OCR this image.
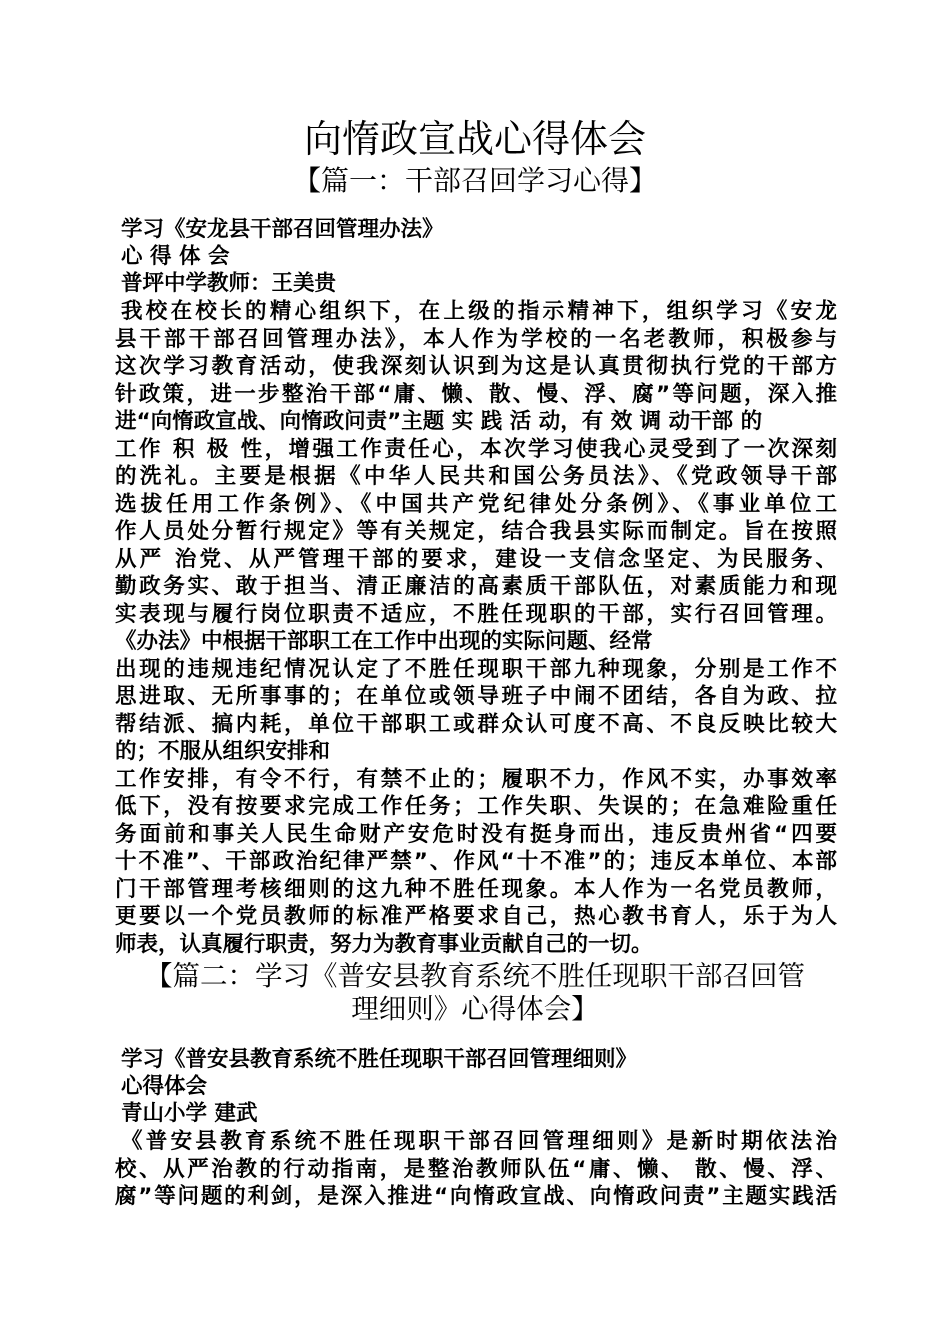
向惰政宣战心得体会
【篇一：干部召回学习心得】
学习《安龙县干部召回管理办法》
心 得 体 会
普坪中学教师：王美贵
我校在校长的精心组织下，在上级的指示精神下，组织学习《安龙
县干部干部召回管理办法》，本人作为学校的一名老教师，积极参与
这次学习教育活动，使我深刻认识到为这是认真贯彻执行党的干部方
针政策，进一步整治干部“庸、懒、散、慢、浮、腐”等问题，深入推
进“向惰政宣战、向惰政问责”主题 实 践 活 动，有 效 调 动干部 的
工作 积 极 性，增强工作责任心，本次学习使我心灵受到了一次深刻
的洗礼。主要是根据《中华人民共和国公务员法》、《党政领导干部
选拔任用工作条例》、《中国共产党纪律处分条例》、《事业单位工
作人员处分暂行规定》等有关规定，结合我县实际而制定。旨在按照
从严 治党、从严管理干部的要求，建设一支信念坚定、为民服务、
勤政务实、敢于担当、清正廉洁的高素质干部队伍，对素质能力和现
实表现与履行岗位职责不适应，不胜任现职的干部，实行召回管理。
《办法》中根据干部职工在工作中出现的实际问题、经常
出现的违规违纪情况认定了不胜任现职干部九种现象，分别是工作不
思进取、无所事事的；在单位或领导班子中闹不团结，各自为政、拉
帮结派、搞内耗，单位干部职工或群众认可度不高、不良反映比较大
的；不服从组织安排和
工作安排，有令不行，有禁不止的；履职不力，作风不实，办事效率
低下，没有按要求完成工作任务；工作失职、失误的；在急难险重任
务面前和事关人民生命财产安危时没有挺身而出，违反贵州省“四要
十不准”、干部政治纪律严禁”、作风“十不准”的；违反本单位、本部
门干部管理考核细则的这九种不胜任现象。本人作为一名党员教师，
更要以一个党员教师的标准严格要求自己，热心教书育人，乐于为人
师表，认真履行职责，努力为教育事业贡献自己的一切。
【篇二：学习《普安县教育系统不胜任现职干部召回管
理细则》心得体会】
学习《普安县教育系统不胜任现职干部召回管理细则》
心得体会
青山小学 建武
《普安县教育系统不胜任现职干部召回管理细则》是新时期依法治
校、从严治教的行动指南，是整治教师队伍“庸、懒、 散、慢、浮、
腐”等问题的利剑，是深入推进“向惰政宣战、向惰政问责”主题实践活
